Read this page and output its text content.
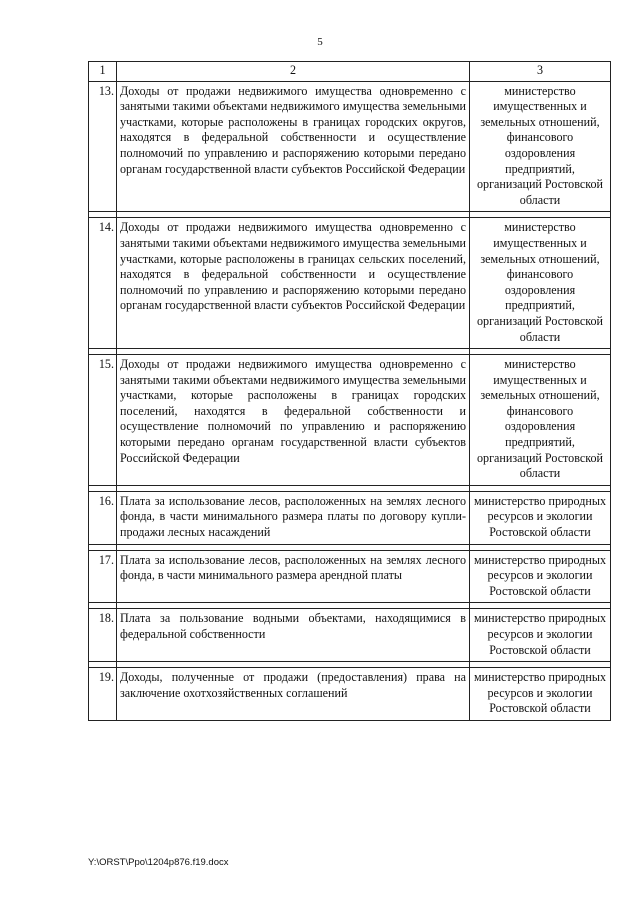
5
1	2	3
13.	Доходы от продажи недвижимого имущества одновременно с занятыми такими объектами недвижимого имущества земельными участками, которые расположены в границах городских округов, находятся в федеральной собственности и осуществление полномочий по управлению и распоряжению которыми передано органам государственной власти субъектов Российской Федерации	министерство имущественных и земельных отношений, финансового оздоровления предприятий, организаций Ростовской области

14.	Доходы от продажи недвижимого имущества одновременно с занятыми такими объектами недвижимого имущества земельными участками, которые расположены в границах сельских поселений, находятся в федеральной собственности и осуществление полномочий по управлению и распоряжению которыми передано органам государственной власти субъектов Российской Федерации	министерство имущественных и земельных отношений, финансового оздоровления предприятий, организаций Ростовской области

15.	Доходы от продажи недвижимого имущества одновременно с занятыми такими объектами недвижимого имущества земельными участками, которые расположены в границах городских поселений, находятся в федеральной собственности и осуществление полномочий по управлению и распоряжению которыми передано органам государственной власти субъектов Российской Федерации	министерство имущественных и земельных отношений, финансового оздоровления предприятий, организаций Ростовской области

16.	Плата за использование лесов, расположенных на землях лесного фонда, в части минимального размера платы по договору купли-продажи лесных насаждений	министерство природных ресурсов и экологии Ростовской области

17.	Плата за использование лесов, расположенных на землях лесного фонда, в части минимального размера арендной платы	министерство природных ресурсов и экологии Ростовской области

18.	Плата за пользование водными объектами, находящимися в федеральной собственности	министерство природных ресурсов и экологии Ростовской области

19.	Доходы, полученные от продажи (предоставления) права на заключение охотхозяйственных соглашений	министерство природных ресурсов и экологии Ростовской области
Y:\ORST\Ppo\1204p876.f19.docx
